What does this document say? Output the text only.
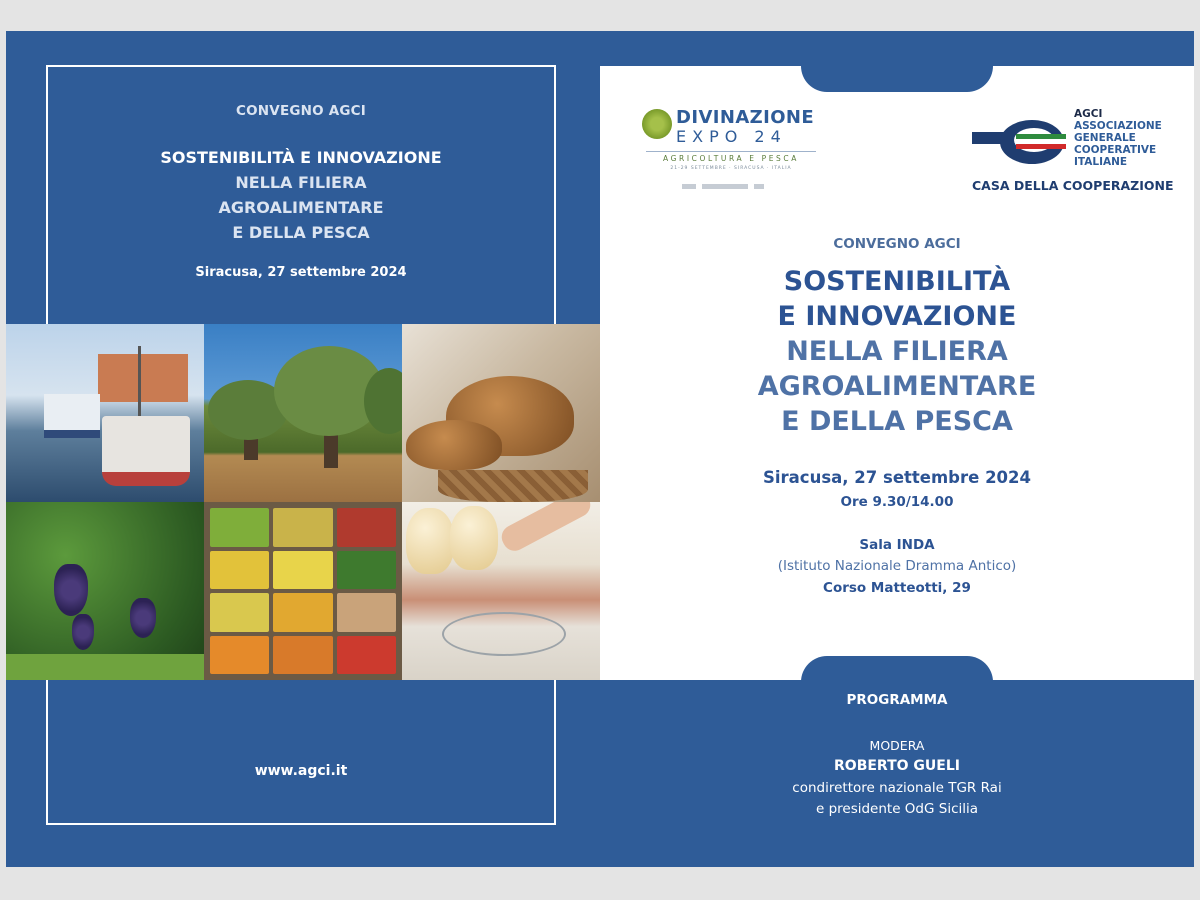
CONVEGNO AGCI
SOSTENIBILITÀ E INNOVAZIONE
NELLA FILIERA
AGROALIMENTARE
E DELLA PESCA
Siracusa, 27 settembre 2024
www.agci.it
DIVINAZIONE
EXPO 24
AGRICOLTURA E PESCA
21-29 SETTEMBRE · SIRACUSA · ITALIA
AGCI
ASSOCIAZIONE
GENERALE
COOPERATIVE
ITALIANE
CASA DELLA COOPERAZIONE
CONVEGNO AGCI
SOSTENIBILITÀ
E INNOVAZIONE
NELLA FILIERA
AGROALIMENTARE
E DELLA PESCA
Siracusa, 27 settembre 2024
Ore 9.30/14.00
Sala INDA
(Istituto Nazionale Dramma Antico)
Corso Matteotti, 29
PROGRAMMA
MODERA
ROBERTO GUELI
condirettore nazionale TGR Rai
e presidente OdG Sicilia
